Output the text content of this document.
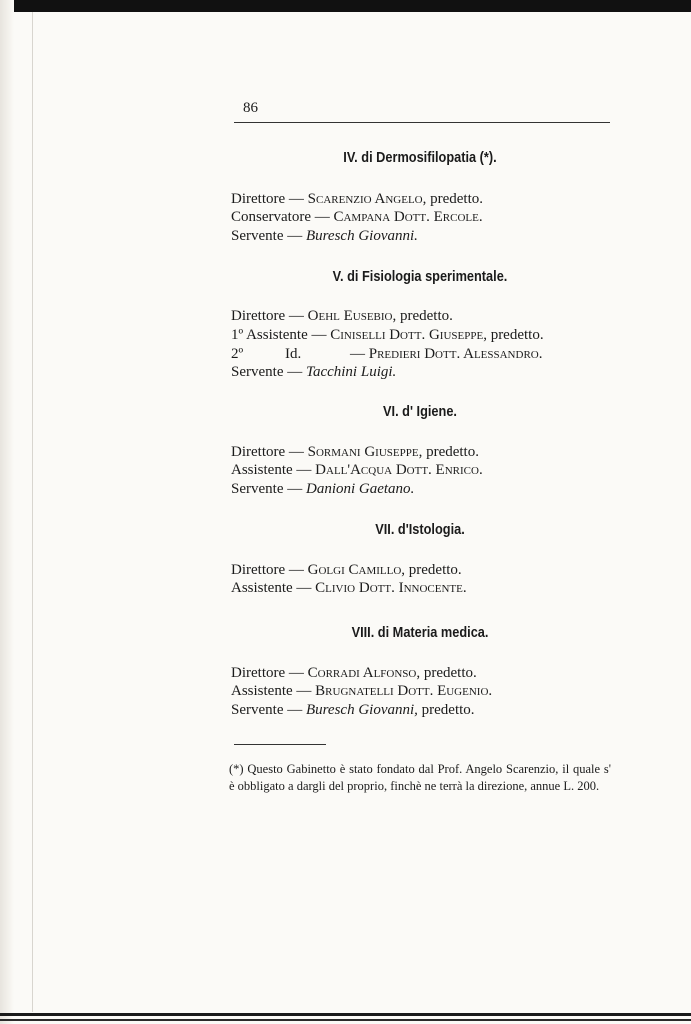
86
IV. di Dermosifilopatia (*).
Direttore — Scarenzio Angelo, predetto.
Conservatore — Campana Dott. Ercole.
Servente — Buresch Giovanni.
V. di Fisiologia sperimentale.
Direttore — Oehl Eusebio, predetto.
1º Assistente — Ciniselli Dott. Giuseppe, predetto.
2º	Id.	— Predieri Dott. Alessandro.
Servente — Tacchini Luigi.
VI. d' Igiene.
Direttore — Sormani Giuseppe, predetto.
Assistente — Dall'Acqua Dott. Enrico.
Servente — Danioni Gaetano.
VII. d'Istologia.
Direttore — Golgi Camillo, predetto.
Assistente — Clivio Dott. Innocente.
VIII. di Materia medica.
Direttore — Corradi Alfonso, predetto.
Assistente — Brugnatelli Dott. Eugenio.
Servente — Buresch Giovanni, predetto.
(*) Questo Gabinetto è stato fondato dal Prof. Angelo Scarenzio, il quale s' è obbligato a dargli del proprio, finchè ne terrà la direzione, annue L. 200.
